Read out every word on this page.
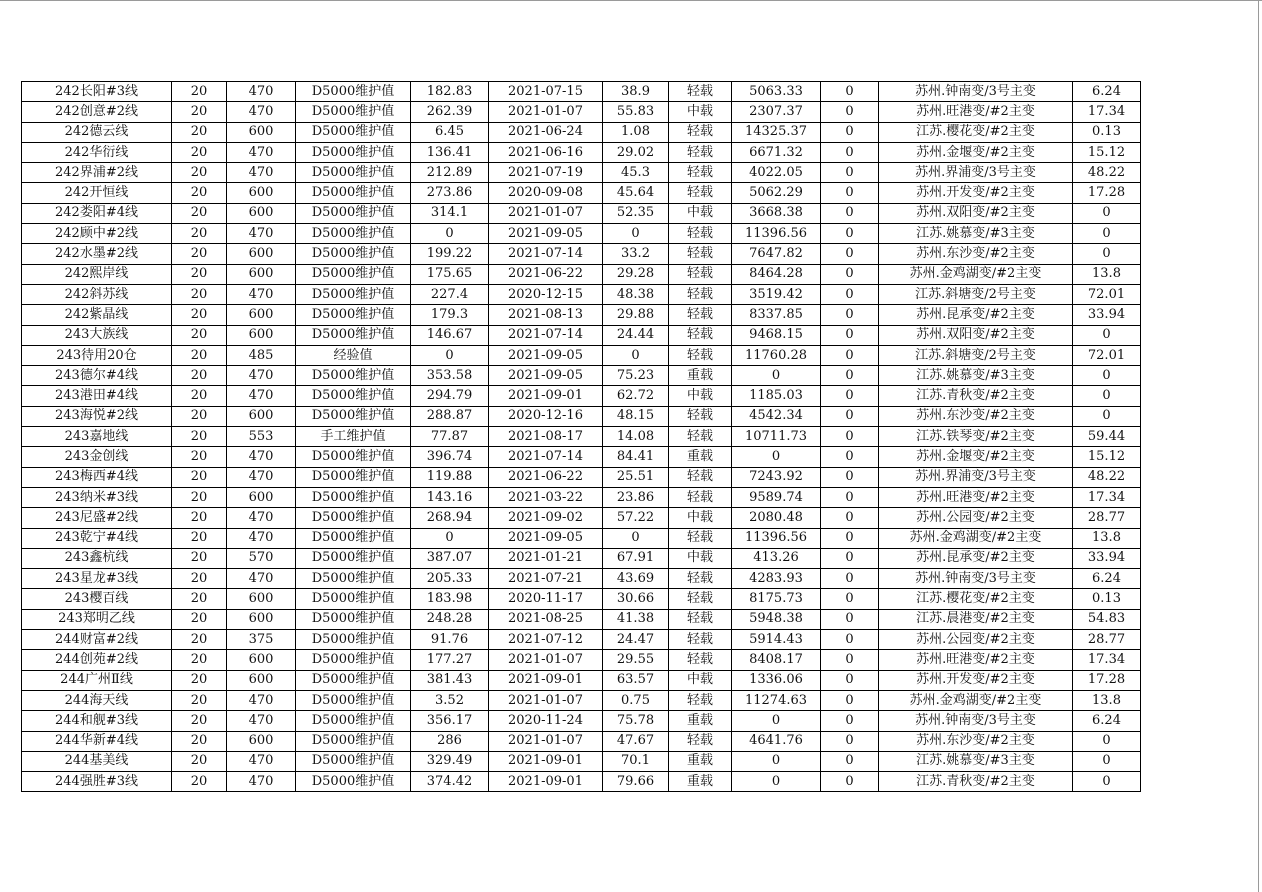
242长阳#3线	20	470	D5000维护值	182.83	2021-07-15	38.9	轻载	5063.33	0	苏州.钟南变/3号主变	6.24
242创意#2线	20	470	D5000维护值	262.39	2021-01-07	55.83	中载	2307.37	0	苏州.旺港变/#2主变	17.34
242德云线	20	600	D5000维护值	6.45	2021-06-24	1.08	轻载	14325.37	0	江苏.樱花变/#2主变	0.13
242华衍线	20	470	D5000维护值	136.41	2021-06-16	29.02	轻载	6671.32	0	苏州.金堰变/#2主变	15.12
242界浦#2线	20	470	D5000维护值	212.89	2021-07-19	45.3	轻载	4022.05	0	苏州.界浦变/3号主变	48.22
242开恒线	20	600	D5000维护值	273.86	2020-09-08	45.64	轻载	5062.29	0	苏州.开发变/#2主变	17.28
242娄阳#4线	20	600	D5000维护值	314.1	2021-01-07	52.35	中载	3668.38	0	苏州.双阳变/#2主变	0
242顾中#2线	20	470	D5000维护值	0	2021-09-05	0	轻载	11396.56	0	江苏.姚慕变/#3主变	0
242水墨#2线	20	600	D5000维护值	199.22	2021-07-14	33.2	轻载	7647.82	0	苏州.东沙变/#2主变	0
242熙岸线	20	600	D5000维护值	175.65	2021-06-22	29.28	轻载	8464.28	0	苏州.金鸡湖变/#2主变	13.8
242斜苏线	20	470	D5000维护值	227.4	2020-12-15	48.38	轻载	3519.42	0	江苏.斜塘变/2号主变	72.01
242紫晶线	20	600	D5000维护值	179.3	2021-08-13	29.88	轻载	8337.85	0	苏州.昆承变/#2主变	33.94
243大族线	20	600	D5000维护值	146.67	2021-07-14	24.44	轻载	9468.15	0	苏州.双阳变/#2主变	0
243待用20仓	20	485	经验值	0	2021-09-05	0	轻载	11760.28	0	江苏.斜塘变/2号主变	72.01
243德尔#4线	20	470	D5000维护值	353.58	2021-09-05	75.23	重载	0	0	江苏.姚慕变/#3主变	0
243港田#4线	20	470	D5000维护值	294.79	2021-09-01	62.72	中载	1185.03	0	江苏.青秋变/#2主变	0
243海悦#2线	20	600	D5000维护值	288.87	2020-12-16	48.15	轻载	4542.34	0	苏州.东沙变/#2主变	0
243嘉地线	20	553	手工维护值	77.87	2021-08-17	14.08	轻载	10711.73	0	江苏.铁琴变/#2主变	59.44
243金创线	20	470	D5000维护值	396.74	2021-07-14	84.41	重载	0	0	苏州.金堰变/#2主变	15.12
243梅西#4线	20	470	D5000维护值	119.88	2021-06-22	25.51	轻载	7243.92	0	苏州.界浦变/3号主变	48.22
243纳米#3线	20	600	D5000维护值	143.16	2021-03-22	23.86	轻载	9589.74	0	苏州.旺港变/#2主变	17.34
243尼盛#2线	20	470	D5000维护值	268.94	2021-09-02	57.22	中载	2080.48	0	苏州.公园变/#2主变	28.77
243乾宁#4线	20	470	D5000维护值	0	2021-09-05	0	轻载	11396.56	0	苏州.金鸡湖变/#2主变	13.8
243鑫杭线	20	570	D5000维护值	387.07	2021-01-21	67.91	中载	413.26	0	苏州.昆承变/#2主变	33.94
243星龙#3线	20	470	D5000维护值	205.33	2021-07-21	43.69	轻载	4283.93	0	苏州.钟南变/3号主变	6.24
243樱百线	20	600	D5000维护值	183.98	2020-11-17	30.66	轻载	8175.73	0	江苏.樱花变/#2主变	0.13
243郑明乙线	20	600	D5000维护值	248.28	2021-08-25	41.38	轻载	5948.38	0	江苏.晨港变/#2主变	54.83
244财富#2线	20	375	D5000维护值	91.76	2021-07-12	24.47	轻载	5914.43	0	苏州.公园变/#2主变	28.77
244创苑#2线	20	600	D5000维护值	177.27	2021-01-07	29.55	轻载	8408.17	0	苏州.旺港变/#2主变	17.34
244广州Ⅱ线	20	600	D5000维护值	381.43	2021-09-01	63.57	中载	1336.06	0	苏州.开发变/#2主变	17.28
244海天线	20	470	D5000维护值	3.52	2021-01-07	0.75	轻载	11274.63	0	苏州.金鸡湖变/#2主变	13.8
244和舰#3线	20	470	D5000维护值	356.17	2020-11-24	75.78	重载	0	0	苏州.钟南变/3号主变	6.24
244华新#4线	20	600	D5000维护值	286	2021-01-07	47.67	轻载	4641.76	0	苏州.东沙变/#2主变	0
244基美线	20	470	D5000维护值	329.49	2021-09-01	70.1	重载	0	0	江苏.姚慕变/#3主变	0
244强胜#3线	20	470	D5000维护值	374.42	2021-09-01	79.66	重载	0	0	江苏.青秋变/#2主变	0
